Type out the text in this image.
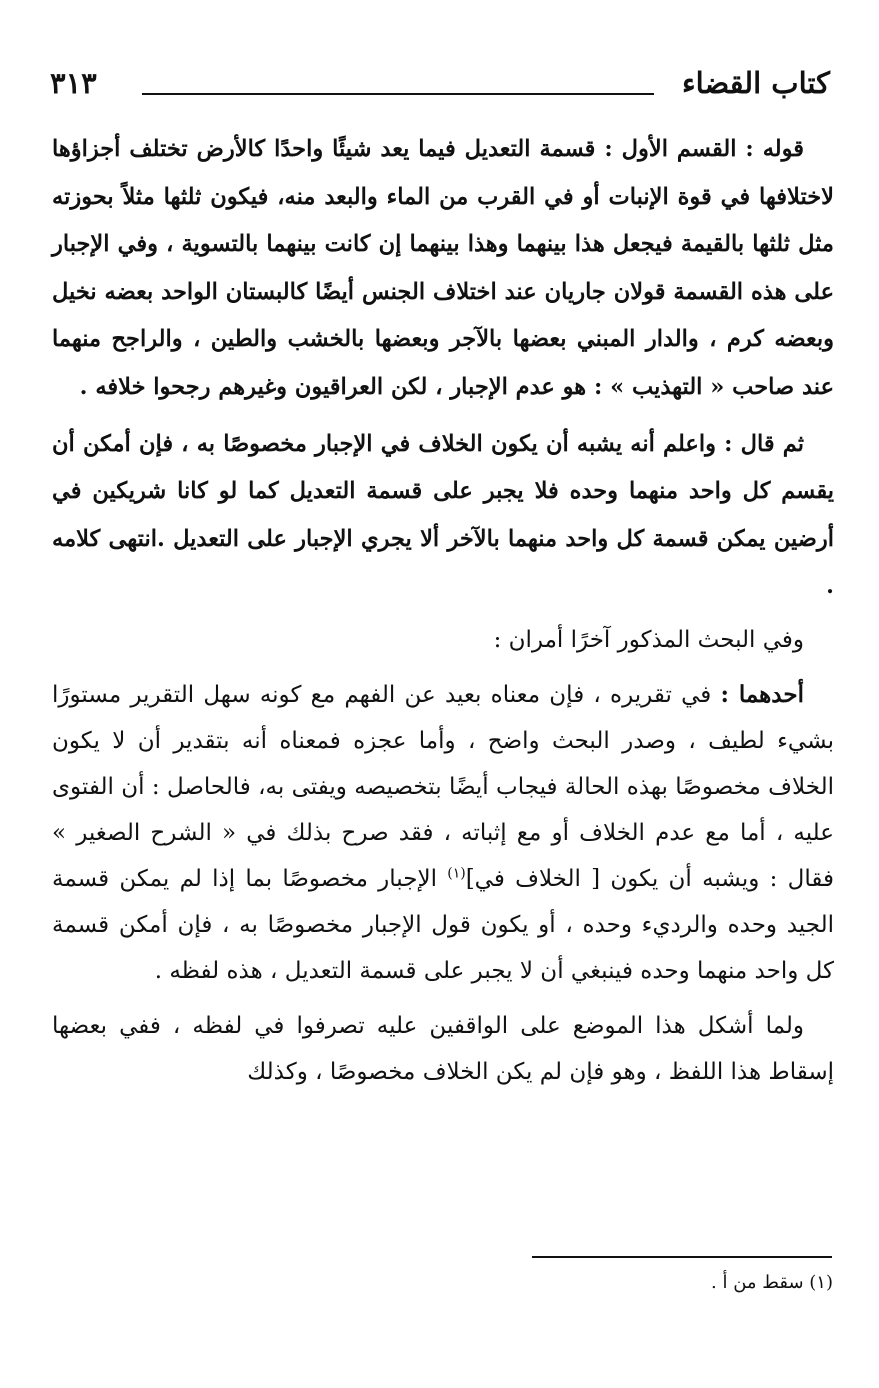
كتاب القضاء
٣١٣

قوله : القسم الأول : قسمة التعديل فيما يعد شيئًا واحدًا كالأرض تختلف أجزاؤها لاختلافها في قوة الإنبات أو في القرب من الماء والبعد منه، فيكون ثلثها مثلاً بحوزته مثل ثلثها بالقيمة فيجعل هذا بينهما وهذا بينهما إن كانت بينهما بالتسوية ، وفي الإجبار على هذه القسمة قولان جاريان عند اختلاف الجنس أيضًا كالبستان الواحد بعضه نخيل وبعضه كرم ، والدار المبني بعضها بالآجر وبعضها بالخشب والطين ، والراجح منهما عند صاحب « التهذيب » : هو عدم الإجبار ، لكن العراقيون وغيرهم رجحوا خلافه .

ثم قال : واعلم أنه يشبه أن يكون الخلاف في الإجبار مخصوصًا به ، فإن أمكن أن يقسم كل واحد منهما وحده فلا يجبر على قسمة التعديل كما لو كانا شريكين في أرضين يمكن قسمة كل واحد منهما بالآخر ألا يجري الإجبار على التعديل .انتهى كلامه .

وفي البحث المذكور آخرًا أمران :

أحدهما : في تقريره ، فإن معناه بعيد عن الفهم مع كونه سهل التقرير مستورًا بشيء لطيف ، وصدر البحث واضح ، وأما عجزه فمعناه أنه بتقدير أن لا يكون الخلاف مخصوصًا بهذه الحالة فيجاب أيضًا بتخصيصه ويفتى به، فالحاصل : أن الفتوى عليه ، أما مع عدم الخلاف أو مع إثباته ، فقد صرح بذلك في « الشرح الصغير » فقال : ويشبه أن يكون [ الخلاف في]$^{(١)}$ الإجبار مخصوصًا بما إذا لم يمكن قسمة الجيد وحده والرديء وحده ، أو يكون قول الإجبار مخصوصًا به ، فإن أمكن قسمة كل واحد منهما وحده فينبغي أن لا يجبر على قسمة التعديل ، هذه لفظه .

ولما أشكل هذا الموضع على الواقفين عليه تصرفوا في لفظه ، ففي بعضها إسقاط هذا اللفظ ، وهو فإن لم يكن الخلاف مخصوصًا ، وكذلك

(١) سقط من أ .
